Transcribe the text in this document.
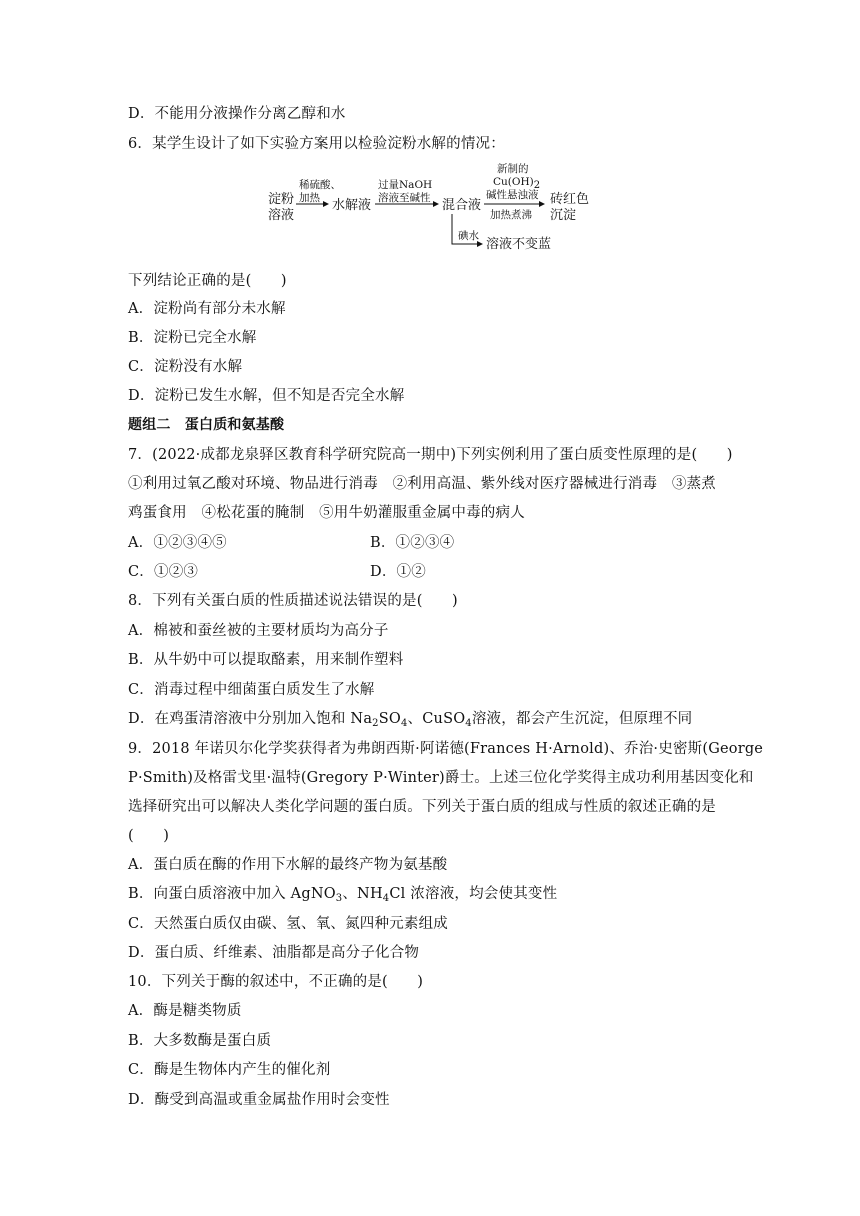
D．不能用分液操作分离乙醇和水
6．某学生设计了如下实验方案用以检验淀粉水解的情况：
淀粉
溶液
稀硫酸、
加热 水解液
过量NaOH
溶液至碱性 混合液
新制的
$Cu(OH)_2$
碱性悬浊液
加热煮沸
砖红色
沉淀
碘水
溶液不变蓝
下列结论正确的是(　　)
A．淀粉尚有部分未水解
B．淀粉已完全水解
C．淀粉没有水解
D．淀粉已发生水解，但不知是否完全水解
题组二　蛋白质和氨基酸
7．(2022·成都龙泉驿区教育科学研究院高一期中)下列实例利用了蛋白质变性原理的是(　　)
①利用过氧乙酸对环境、物品进行消毒　②利用高温、紫外线对医疗器械进行消毒　③蒸煮
鸡蛋食用　④松花蛋的腌制　⑤用牛奶灌服重金属中毒的病人
A．①②③④⑤	B．①②③④
C．①②③	D．①②
8．下列有关蛋白质的性质描述说法错误的是(　　)
A．棉被和蚕丝被的主要材质均为高分子
B．从牛奶中可以提取酪素，用来制作塑料
C．消毒过程中细菌蛋白质发生了水解
D．在鸡蛋清溶液中分别加入饱和 $Na_2SO_4$、CuSO$_4$溶液，都会产生沉淀，但原理不同
9．2018 年诺贝尔化学奖获得者为弗朗西斯·阿诺德(Frances H·Arnold)、乔治·史密斯(George
P·Smith)及格雷戈里·温特(Gregory P·Winter)爵士。上述三位化学奖得主成功利用基因变化和
选择研究出可以解决人类化学问题的蛋白质。下列关于蛋白质的组成与性质的叙述正确的是
(　　)
A．蛋白质在酶的作用下水解的最终产物为氨基酸
B．向蛋白质溶液中加入 AgNO$_3$、$NH_4Cl$ 浓溶液，均会使其变性
C．天然蛋白质仅由碳、氢、氧、氮四种元素组成
D．蛋白质、纤维素、油脂都是高分子化合物
10．下列关于酶的叙述中，不正确的是(　　)
A．酶是糖类物质
B．大多数酶是蛋白质
C．酶是生物体内产生的催化剂
D．酶受到高温或重金属盐作用时会变性
